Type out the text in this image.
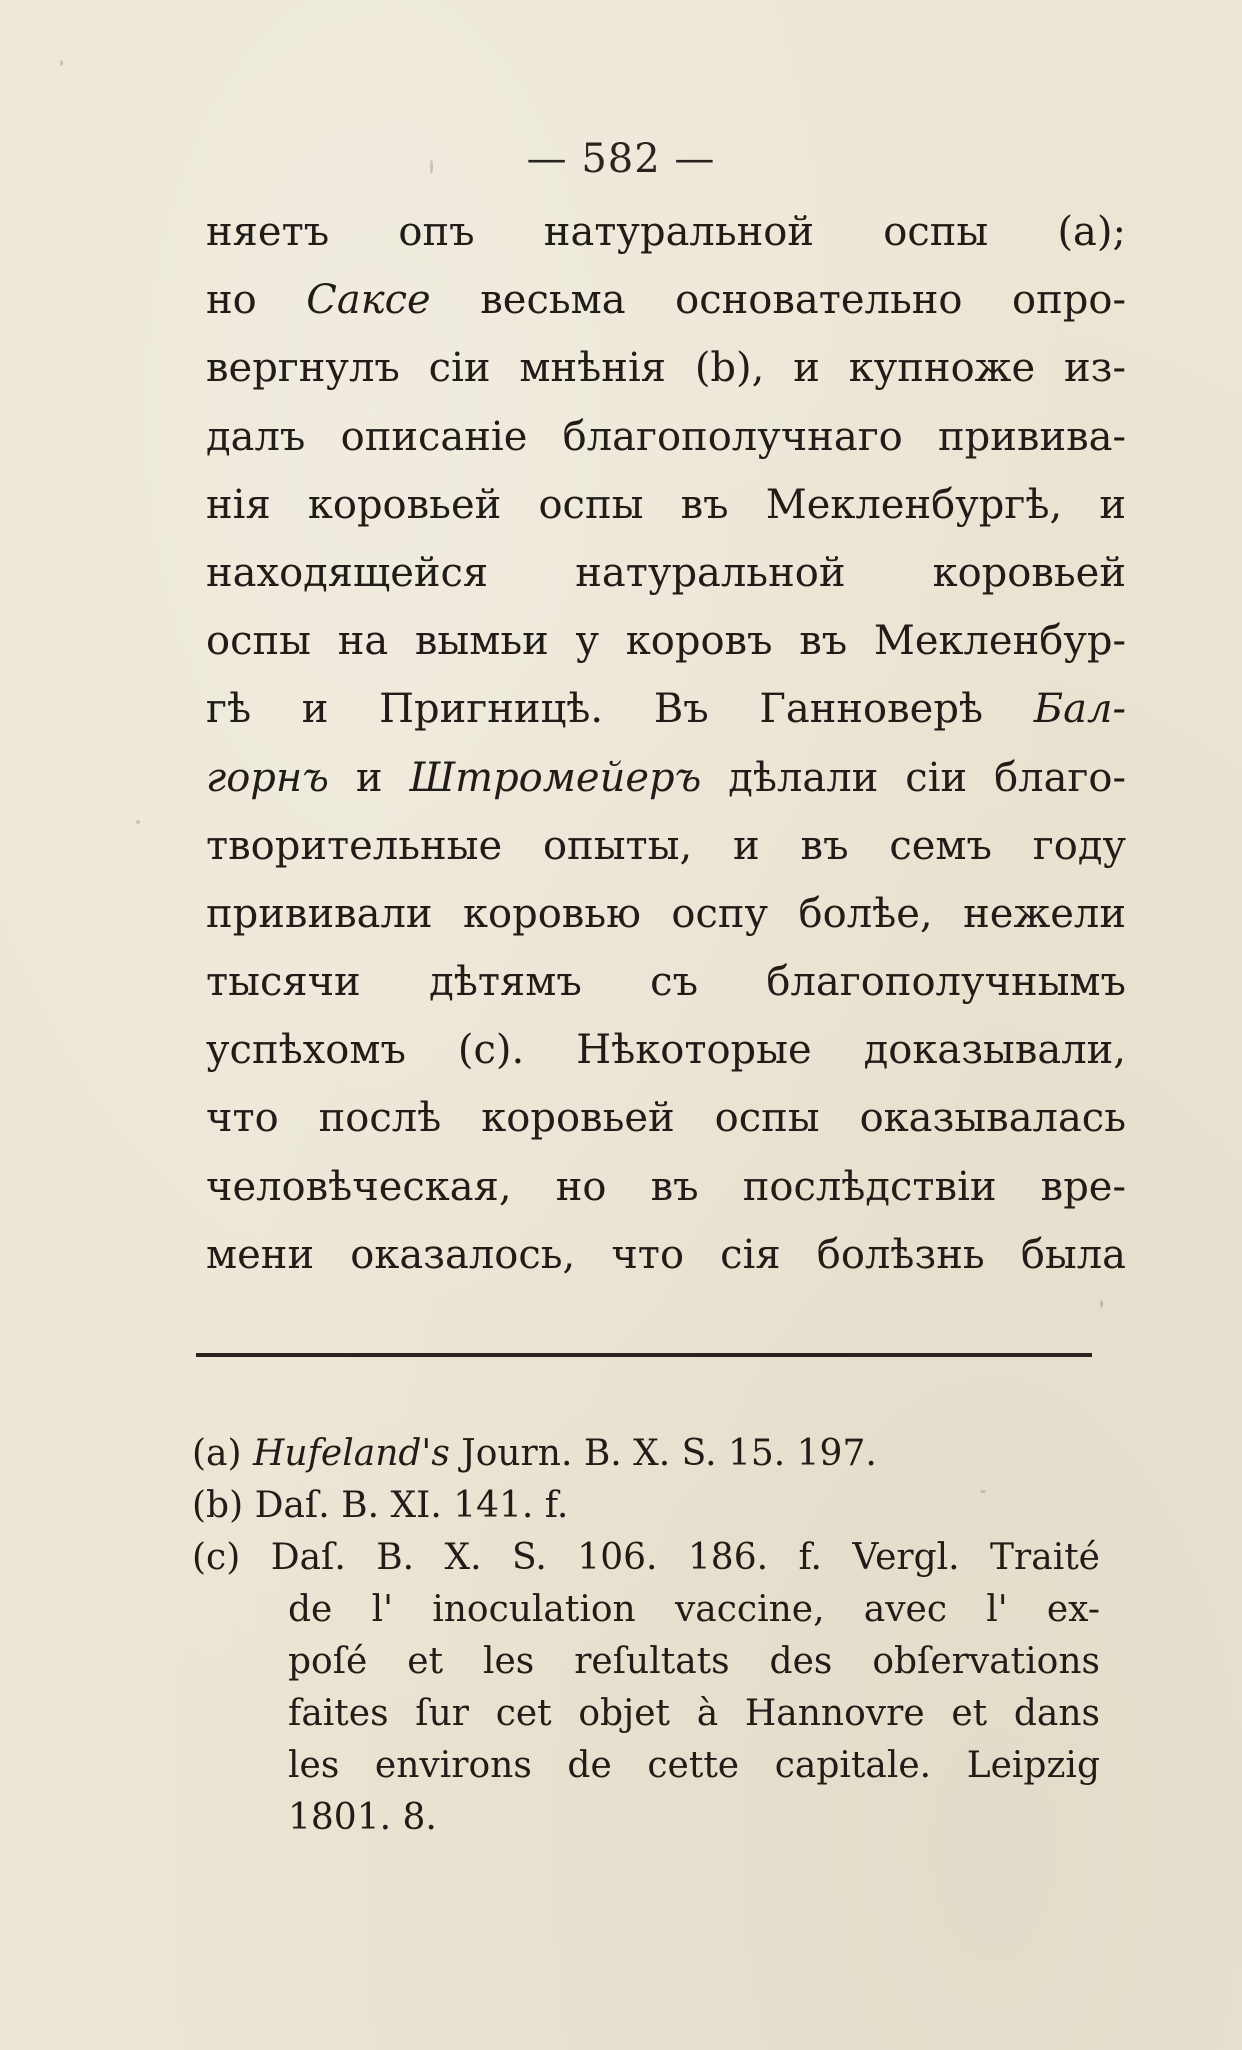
— 582 —
няетъ опъ натуральной оспы (a);
но Саксе весьма основательно опро-
вергнулъ сіи мнѣнія (b), и купноже из-
далъ описаніе благополучнаго привива-
нія коровьей оспы въ Мекленбургѣ, и
находящейся натуральной коровьей
оспы на вымьи у коровъ въ Мекленбур-
гѣ и Пригницѣ. Въ Ганноверѣ Бал-
горнъ и Штромейеръ дѣлали сіи благо-
творительные опыты, и въ семъ году
прививали коровью оспу болѣе, нежели
тысячи дѣтямъ съ благополучнымъ
успѣхомъ (c). Нѣкоторые доказывали,
что послѣ коровьей оспы оказывалась
человѣческая, но въ послѣдствіи вре-
мени оказалось, что сія болѣзнь была
(a) Hufeland's Journ. B. X. S. 15. 197.
(b) Daſ. B. XI. 141. f.
(c) Daſ. B. X. S. 106. 186. f. Vergl. Traité
de l' inoculation vaccine, avec l' ex-
poſé et les reſultats des obſervations
faites ſur cet objet à Hannovre et dans
les environs de cette capitale. Leipzig
1801. 8.
